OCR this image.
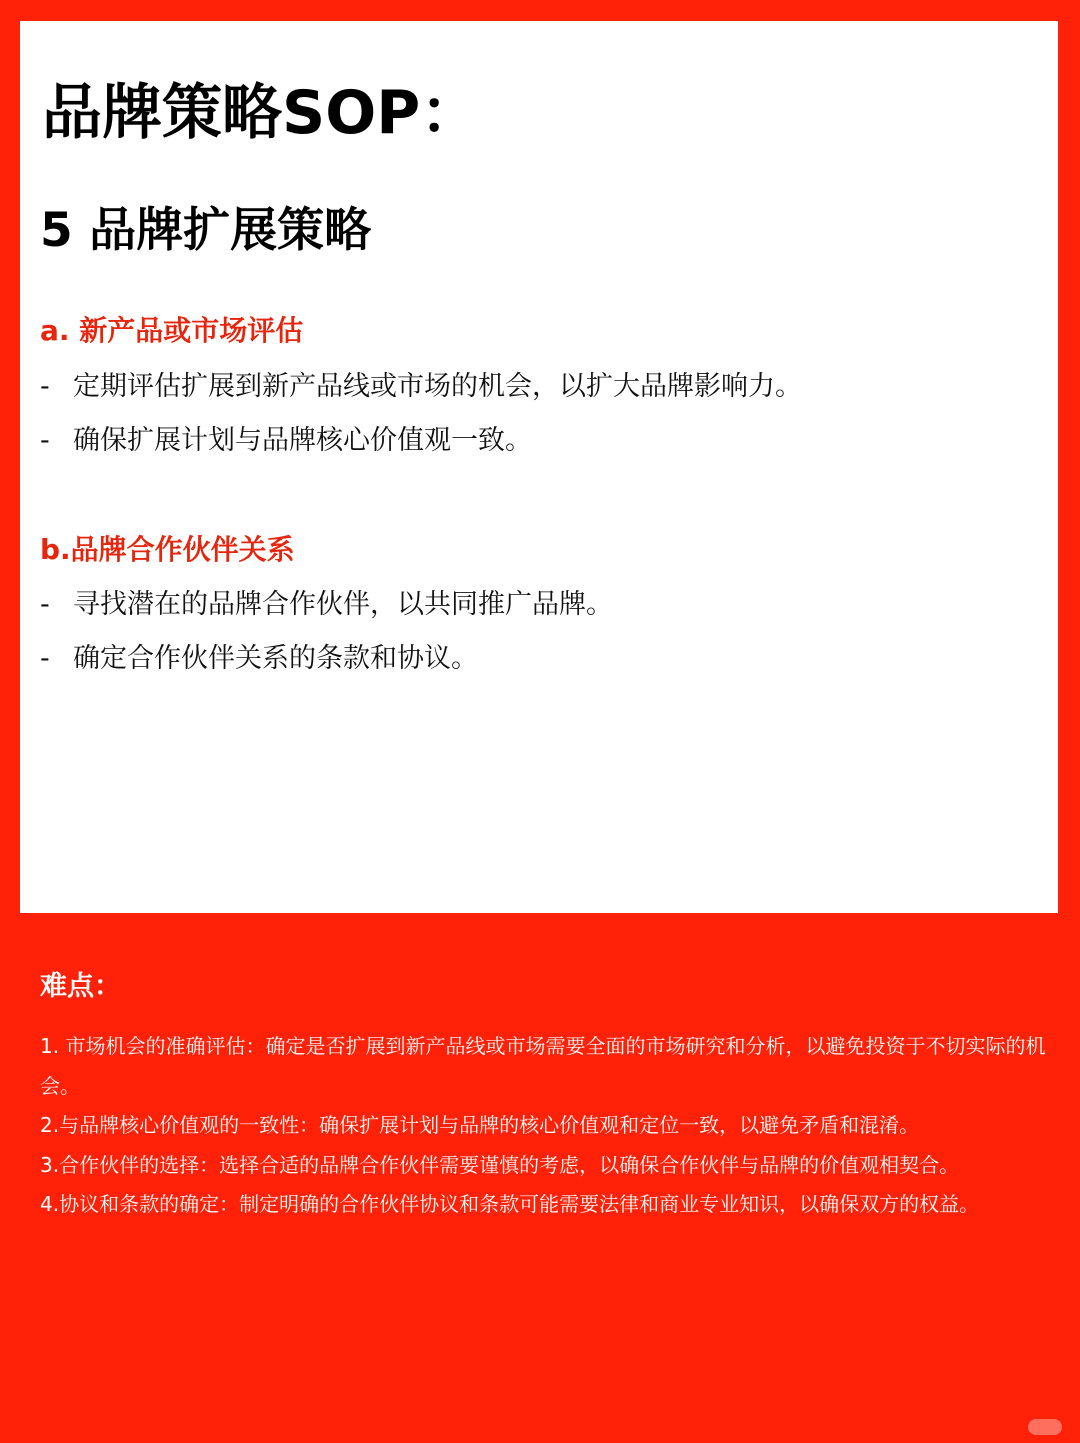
品牌策略SOP：
5 品牌扩展策略
a. 新产品或市场评估
- 定期评估扩展到新产品线或市场的机会，以扩大品牌影响力。
- 确保扩展计划与品牌核心价值观一致。
b.品牌合作伙伴关系
- 寻找潜在的品牌合作伙伴，以共同推广品牌。
- 确定合作伙伴关系的条款和协议。
难点：

1. 市场机会的准确评估：确定是否扩展到新产品线或市场需要全面的市场研究和分析，以避免投资于不切实际的机会。

2.与品牌核心价值观的一致性：确保扩展计划与品牌的核心价值观和定位一致，以避免矛盾和混淆。

3.合作伙伴的选择：选择合适的品牌合作伙伴需要谨慎的考虑，以确保合作伙伴与品牌的价值观相契合。

4.协议和条款的确定：制定明确的合作伙伴协议和条款可能需要法律和商业专业知识，以确保双方的权益。
